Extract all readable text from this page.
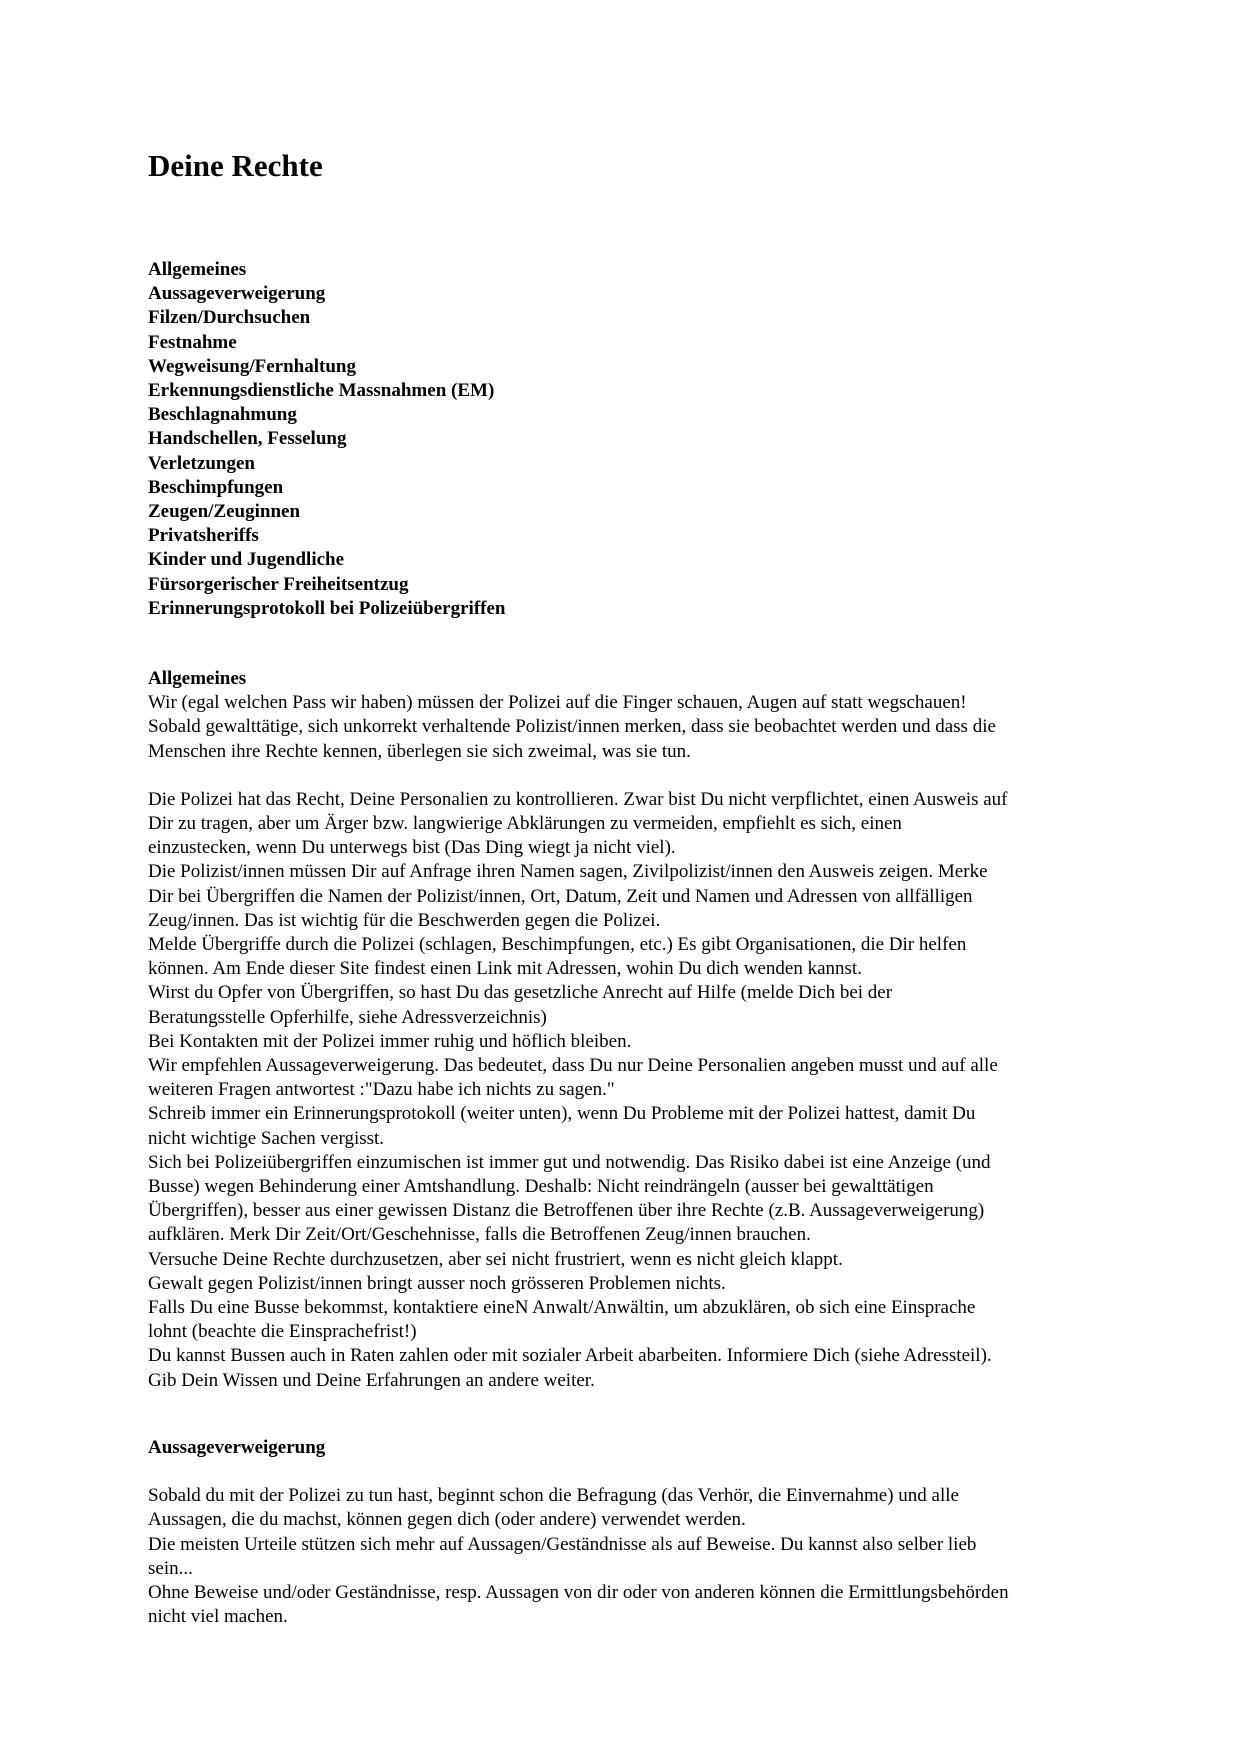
Deine Rechte
Allgemeines
Aussageverweigerung
Filzen/Durchsuchen
Festnahme
Wegweisung/Fernhaltung
Erkennungsdienstliche Massnahmen (EM)
Beschlagnahmung
Handschellen, Fesselung
Verletzungen
Beschimpfungen
Zeugen/Zeuginnen
Privatsheriffs
Kinder und Jugendliche
Fürsorgerischer Freiheitsentzug
Erinnerungsprotokoll bei Polizeiübergriffen
Allgemeines

Wir (egal welchen Pass wir haben) müssen der Polizei auf die Finger schauen, Augen auf statt wegschauen!

Sobald gewalttätige, sich unkorrekt verhaltende Polizist/innen merken, dass sie beobachtet werden und dass die

Menschen ihre Rechte kennen, überlegen sie sich zweimal, was sie tun.

Die Polizei hat das Recht, Deine Personalien zu kontrollieren. Zwar bist Du nicht verpflichtet, einen Ausweis auf

Dir zu tragen, aber um Ärger bzw. langwierige Abklärungen zu vermeiden, empfiehlt es sich, einen

einzustecken, wenn Du unterwegs bist (Das Ding wiegt ja nicht viel).

Die Polizist/innen müssen Dir auf Anfrage ihren Namen sagen, Zivilpolizist/innen den Ausweis zeigen. Merke

Dir bei Übergriffen die Namen der Polizist/innen, Ort, Datum, Zeit und Namen und Adressen von allfälligen

Zeug/innen. Das ist wichtig für die Beschwerden gegen die Polizei.

Melde Übergriffe durch die Polizei (schlagen, Beschimpfungen, etc.) Es gibt Organisationen, die Dir helfen

können. Am Ende dieser Site findest einen Link mit Adressen, wohin Du dich wenden kannst.

Wirst du Opfer von Übergriffen, so hast Du das gesetzliche Anrecht auf Hilfe (melde Dich bei der

Beratungsstelle Opferhilfe, siehe Adressverzeichnis)

Bei Kontakten mit der Polizei immer ruhig und höflich bleiben.

Wir empfehlen Aussageverweigerung. Das bedeutet, dass Du nur Deine Personalien angeben musst und auf alle

weiteren Fragen antwortest :"Dazu habe ich nichts zu sagen."

Schreib immer ein Erinnerungsprotokoll (weiter unten), wenn Du Probleme mit der Polizei hattest, damit Du

nicht wichtige Sachen vergisst.

Sich bei Polizeiübergriffen einzumischen ist immer gut und notwendig. Das Risiko dabei ist eine Anzeige (und

Busse) wegen Behinderung einer Amtshandlung. Deshalb: Nicht reindrängeln (ausser bei gewalttätigen

Übergriffen), besser aus einer gewissen Distanz die Betroffenen über ihre Rechte (z.B. Aussageverweigerung)

aufklären. Merk Dir Zeit/Ort/Geschehnisse, falls die Betroffenen Zeug/innen brauchen.

Versuche Deine Rechte durchzusetzen, aber sei nicht frustriert, wenn es nicht gleich klappt.

Gewalt gegen Polizist/innen bringt ausser noch grösseren Problemen nichts.

Falls Du eine Busse bekommst, kontaktiere eineN Anwalt/Anwältin, um abzuklären, ob sich eine Einsprache

lohnt (beachte die Einsprachefrist!)

Du kannst Bussen auch in Raten zahlen oder mit sozialer Arbeit abarbeiten. Informiere Dich (siehe Adressteil).

Gib Dein Wissen und Deine Erfahrungen an andere weiter.

Aussageverweigerung

Sobald du mit der Polizei zu tun hast, beginnt schon die Befragung (das Verhör, die Einvernahme) und alle

Aussagen, die du machst, können gegen dich (oder andere) verwendet werden.

Die meisten Urteile stützen sich mehr auf Aussagen/Geständnisse als auf Beweise. Du kannst also selber lieb

sein...

Ohne Beweise und/oder Geständnisse, resp. Aussagen von dir oder von anderen können die Ermittlungsbehörden

nicht viel machen.
